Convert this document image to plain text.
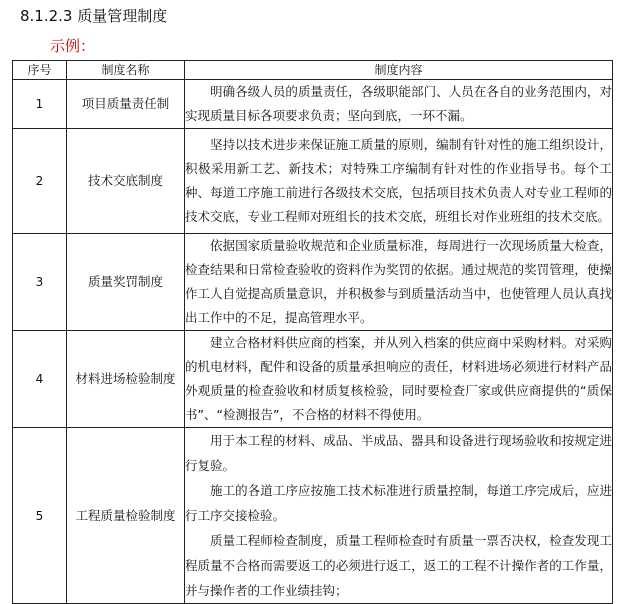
8.1.2.3 质量管理制度
示例：
序号	制度名称	制度内容
1	项目质量责任制	明确各级人员的质量责任，各级职能部门、人员在各自的业务范围内，对实现质量目标各项要求负责；坚向到底，一环不漏。

2	技术交底制度	坚持以技术进步来保证施工质量的原则，编制有针对性的施工组织设计，积极采用新工艺、新技术；对特殊工序编制有针对性的作业指导书。每个工种、每道工序施工前进行各级技术交底，包括项目技术负责人对专业工程师的技术交底，专业工程师对班组长的技术交底，班组长对作业班组的技术交底。

3	质量奖罚制度	依据国家质量验收规范和企业质量标准，每周进行一次现场质量大检查，检查结果和日常检查验收的资料作为奖罚的依据。通过规范的奖罚管理，使操作工人自觉提高质量意识，并积极参与到质量活动当中，也使管理人员认真找出工作中的不足，提高管理水平。

4	材料进场检验制度	建立合格材料供应商的档案，并从列入档案的供应商中采购材料。对采购的机电材料，配件和设备的质量承担响应的责任，材料进场必须进行材料产品外观质量的检查验收和材质复核检验，同时要检查厂家或供应商提供的“质保书”、“检测报告”，不合格的材料不得使用。

5	工程质量检验制度	用于本工程的材料、成品、半成品、器具和设备进行现场验收和按规定进行复验。

施工的各道工序应按施工技术标准进行质量控制，每道工序完成后，应进行工序交接检验。

质量工程师检查制度，质量工程师检查时有质量一票否决权，检查发现工程质量不合格而需要返工的必须进行返工，返工的工程不计操作者的工作量，并与操作者的工作业绩挂钩；
